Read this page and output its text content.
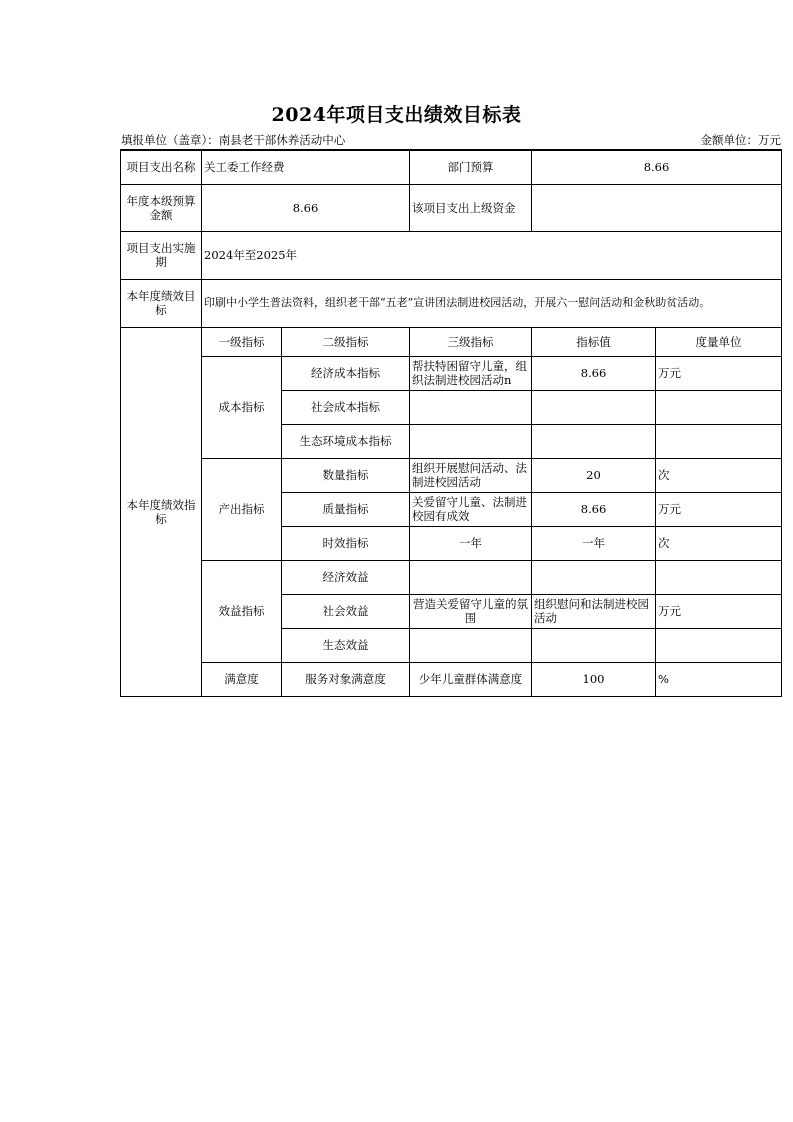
2024年项目支出绩效目标表
填报单位（盖章）：南县老干部休养活动中心	金额单位：万元
项目支出名称	关工委工作经费		部门预算	8.66	
年度本级预算金额	8.66		该项目支出上级资金		
项目支出实施期	2024年至2025年				
本年度绩效目标	印刷中小学生普法资料，组织老干部“五老”宣讲团法制进校园活动，开展六一慰问活动和金秋助贫活动。				
本年度绩效指标	一级指标	二级指标	三级指标	指标值	度量单位
	成本指标	经济成本指标	帮扶特困留守儿童，组织法制进校园活动n	8.66	万元
		社会成本指标			
		生态环境成本指标			
	产出指标	数量指标	组织开展慰问活动、法制进校园活动	20	次
		质量指标	关爱留守儿童、法制进校园有成效	8.66	万元
		时效指标	一年	一年	次
	效益指标	经济效益			
		社会效益	营造关爱留守儿童的氛围	组织慰问和法制进校园活动	万元
		生态效益			
	满意度	服务对象满意度	少年儿童群体满意度	100	%
